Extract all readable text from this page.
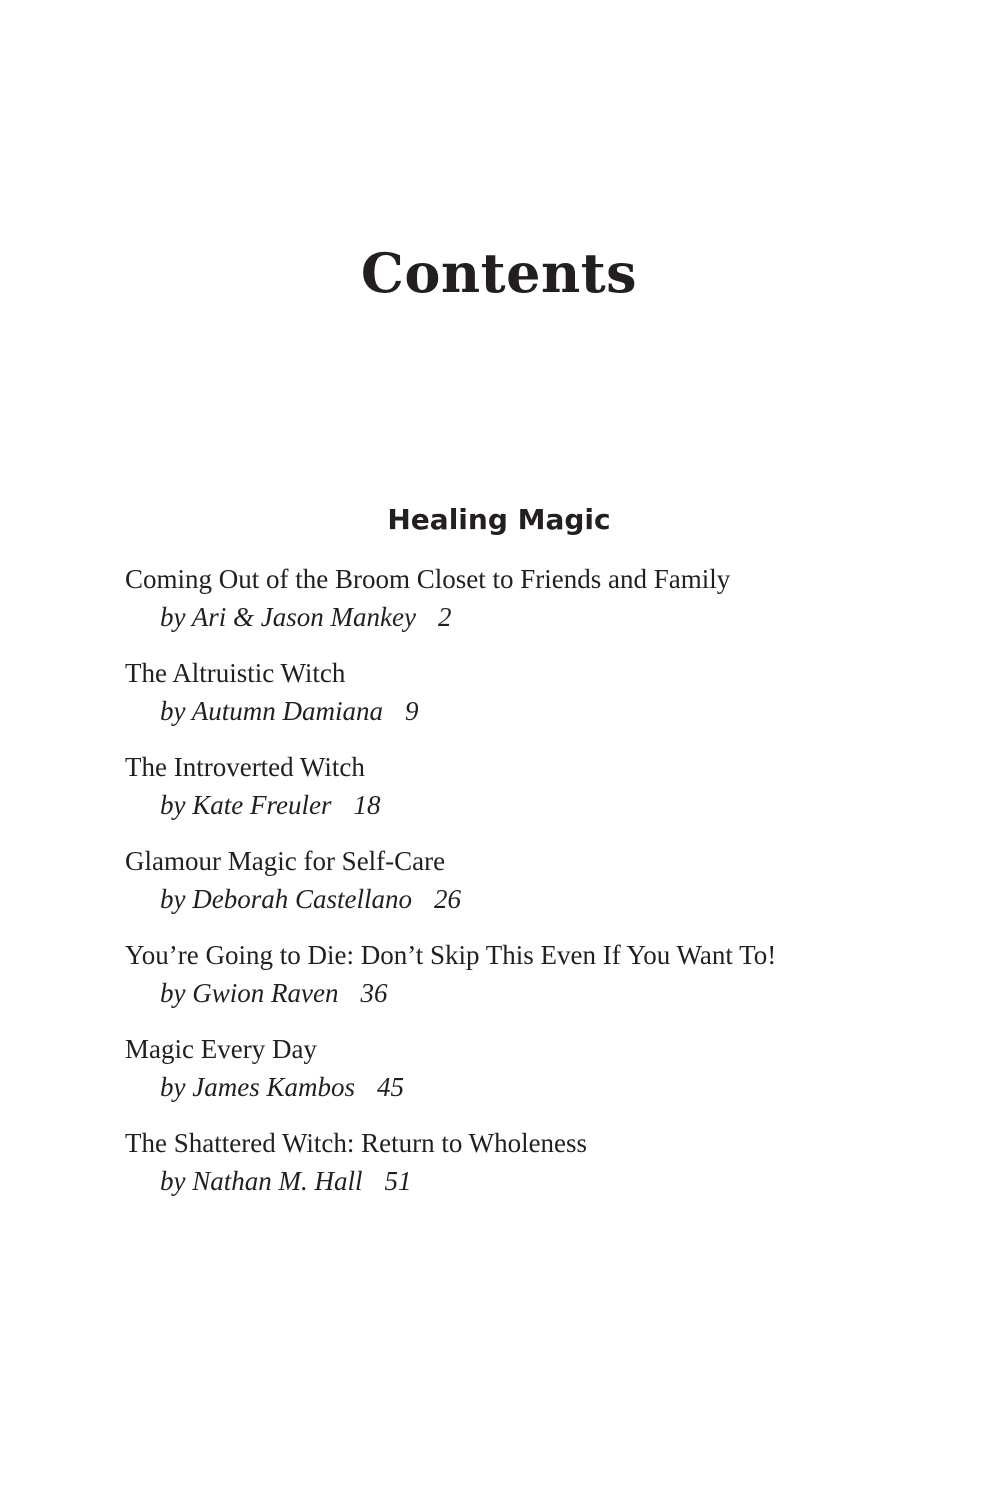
Contents
Healing Magic
Coming Out of the Broom Closet to Friends and Family
by Ari & Jason Mankey 2
The Altruistic Witch
by Autumn Damiana 9
The Introverted Witch
by Kate Freuler 18
Glamour Magic for Self-Care
by Deborah Castellano 26
You’re Going to Die: Don’t Skip This Even If You Want To!
by Gwion Raven 36
Magic Every Day
by James Kambos 45
The Shattered Witch: Return to Wholeness
by Nathan M. Hall 51
